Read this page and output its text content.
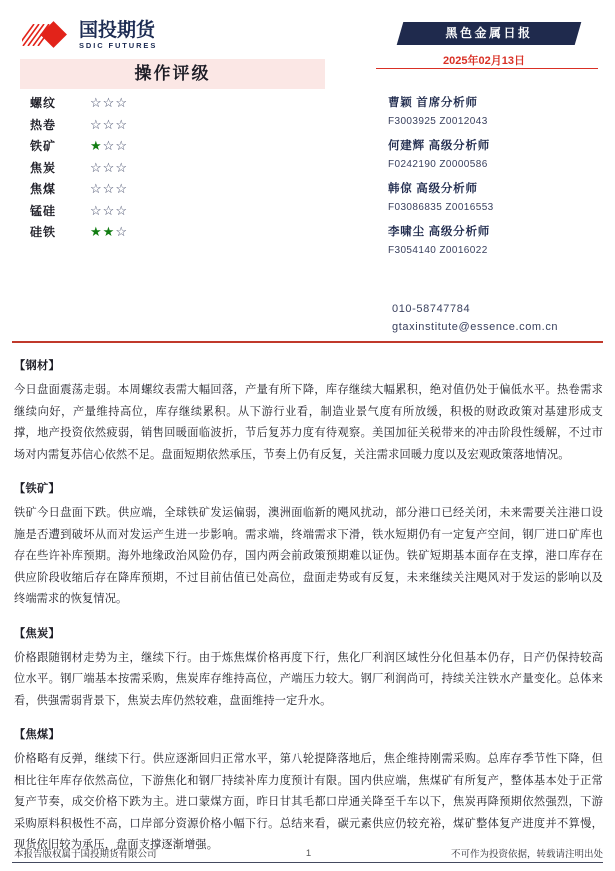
国投期货
SDIC FUTURES
操作评级
螺纹	☆☆☆
热卷	☆☆☆
铁矿	★☆☆
焦炭	☆☆☆
焦煤	☆☆☆
锰硅	☆☆☆
硅铁	★★☆
黑色金属日报
2025年02月13日
曹颖 首席分析师
F3003925 Z0012043
何建辉 高级分析师
F0242190 Z0000586
韩倞 高级分析师
F03086835 Z0016553
李啸尘 高级分析师
F3054140 Z0016022
010-58747784
gtaxinstitute@essence.com.cn
【钢材】
今日盘面震荡走弱。本周螺纹表需大幅回落，产量有所下降，库存继续大幅累积，绝对值仍处于偏低水平。热卷需求继续向好，产量维持高位，库存继续累积。从下游行业看，制造业景气度有所放缓，积极的财政政策对基建形成支撑，地产投资依然疲弱，销售回暖面临波折，节后复苏力度有待观察。美国加征关税带来的冲击阶段性缓解，不过市场对内需复苏信心依然不足。盘面短期依然承压，节奏上仍有反复，关注需求回暖力度以及宏观政策落地情况。
【铁矿】
铁矿今日盘面下跌。供应端，全球铁矿发运偏弱，澳洲面临新的飓风扰动，部分港口已经关闭，未来需要关注港口设施是否遭到破坏从而对发运产生进一步影响。需求端，终端需求下滑，铁水短期仍有一定复产空间，钢厂进口矿库也存在些许补库预期。海外地缘政治风险仍存，国内两会前政策预期难以证伪。铁矿短期基本面存在支撑，港口库存在供应阶段收缩后存在降库预期，不过目前估值已处高位，盘面走势或有反复，未来继续关注飓风对于发运的影响以及终端需求的恢复情况。
【焦炭】
价格跟随钢材走势为主，继续下行。由于炼焦煤价格再度下行，焦化厂利润区域性分化但基本仍存，日产仍保持较高位水平。钢厂端基本按需采购，焦炭库存维持高位，产端压力较大。钢厂利润尚可，持续关注铁水产量变化。总体来看，供强需弱背景下，焦炭去库仍然较难，盘面维持一定升水。
【焦煤】
价格略有反弹，继续下行。供应逐渐回归正常水平，第八轮提降落地后，焦企维持刚需采购。总库存季节性下降，但相比往年库存依然高位，下游焦化和钢厂持续补库力度预计有限。国内供应端，焦煤矿有所复产，整体基本处于正常复产节奏，成交价格下跌为主。进口蒙煤方面，昨日甘其毛都口岸通关降至千车以下，焦炭再降预期依然强烈，下游采购原料积极性不高，口岸部分资源价格小幅下行。总结来看，碳元素供应仍较充裕，煤矿整体复产进度并不算慢，现货依旧较为承压，盘面支撑逐渐增强。
本报告版权属于国投期货有限公司	1	不可作为投资依据，转载请注明出处
